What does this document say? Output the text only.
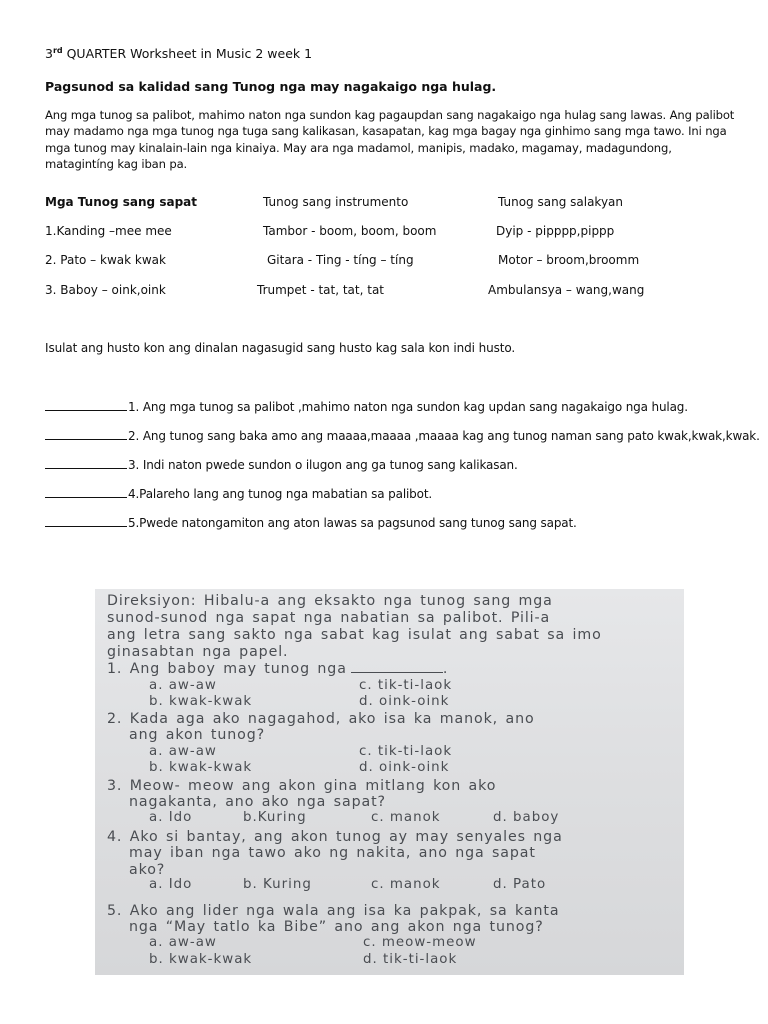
3rd QUARTER Worksheet in Music 2 week 1
Pagsunod sa kalidad sang Tunog nga may nagakaigo nga hulag.

Ang mga tunog sa palibot, mahimo naton nga sundon kag pagaupdan sang nagakaigo nga hulag sang lawas. Ang palibot
may madamo nga mga tunog nga tuga sang kalikasan, kasapatan, kag mga bagay nga ginhimo sang mga tawo. Ini nga
mga tunog may kinalain-lain nga kinaiya. May ara nga madamol, manipis, madako, magamay, madagundong,
matagintíng kag iban pa.

Mga Tunog sang sapat	Tunog sang instrumento	Tunog sang salakyan
1.Kanding –mee mee	Tambor - boom, boom, boom	Dyip - pipppp,pippp
2. Pato – kwak kwak	Gitara - Ting - tíng – tíng	Motor – broom,broomm
3. Baboy – oink,oink	Trumpet - tat, tat, tat	Ambulansya – wang,wang
Isulat ang husto kon ang dinalan nagasugid sang husto kag sala kon indi husto.
1. Ang mga tunog sa palibot ,mahimo naton nga sundon kag updan sang nagakaigo nga hulag.
2. Ang tunog sang baka amo ang maaaa,maaaa ,maaaa kag ang tunog naman sang pato kwak,kwak,kwak.
3. Indi naton pwede sundon o ilugon ang ga tunog sang kalikasan.
4.Palareho lang ang tunog nga mabatian sa palibot.
5.Pwede natongamiton ang aton lawas sa pagsunod sang tunog sang sapat.
Direksiyon: Hibalu-a ang eksakto nga tunog sang mga
sunod-sunod nga sapat nga nabatian sa palibot. Pili-a
ang letra sang sakto nga sabat kag isulat ang sabat sa imo
ginasabtan nga papel.
1. Ang baboy may tunog nga	.
a. aw-aw	c. tik-ti-laok
b. kwak-kwak	d. oink-oink
2. Kada aga ako nagagahod, ako isa ka manok, ano
ang akon tunog?
a. aw-aw	c. tik-ti-laok
b. kwak-kwak	d. oink-oink
3. Meow- meow ang akon gina mitlang kon ako
nagakanta, ano ako nga sapat?
a. Ido	b.Kuring	c. manok	d. baboy
4. Ako si bantay, ang akon tunog ay may senyales nga
may iban nga tawo ako ng nakita, ano nga sapat
ako?
a. Ido	b. Kuring	c. manok	d. Pato
5. Ako ang lider nga wala ang isa ka pakpak, sa kanta
nga “May tatlo ka Bibe” ano ang akon nga tunog?
a. aw-aw	c. meow-meow
b. kwak-kwak	d. tik-ti-laok
